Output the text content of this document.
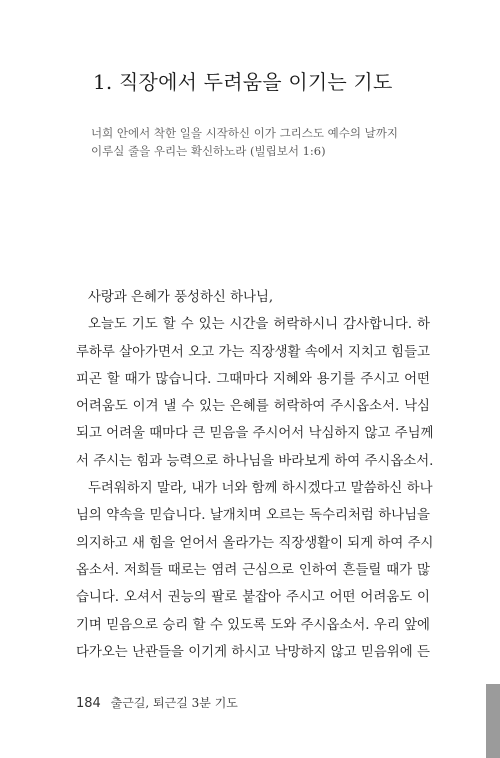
1. 직장에서 두려움을 이기는 기도
너희 안에서 착한 일을 시작하신 이가 그리스도 예수의 날까지
이루실 줄을 우리는 확신하노라 (빌립보서 1:6)
사랑과 은혜가 풍성하신 하나님,
오늘도 기도 할 수 있는 시간을 허락하시니 감사합니다. 하
루하루 살아가면서 오고 가는 직장생활 속에서 지치고 힘들고
피곤 할 때가 많습니다. 그때마다 지혜와 용기를 주시고 어떤
어려움도 이겨 낼 수 있는 은혜를 허락하여 주시옵소서. 낙심
되고 어려울 때마다 큰 믿음을 주시어서 낙심하지 않고 주님께
서 주시는 힘과 능력으로 하나님을 바라보게 하여 주시옵소서.
두려워하지 말라, 내가 너와 함께 하시겠다고 말씀하신 하나
님의 약속을 믿습니다. 날개치며 오르는 독수리처럼 하나님을
의지하고 새 힘을 얻어서 올라가는 직장생활이 되게 하여 주시
옵소서. 저희들 때로는 염려 근심으로 인하여 흔들릴 때가 많
습니다. 오셔서 권능의 팔로 붙잡아 주시고 어떤 어려움도 이
기며 믿음으로 승리 할 수 있도록 도와 주시옵소서. 우리 앞에
다가오는 난관들을 이기게 하시고 낙망하지 않고 믿음위에 든
184 출근길, 퇴근길 3분 기도
